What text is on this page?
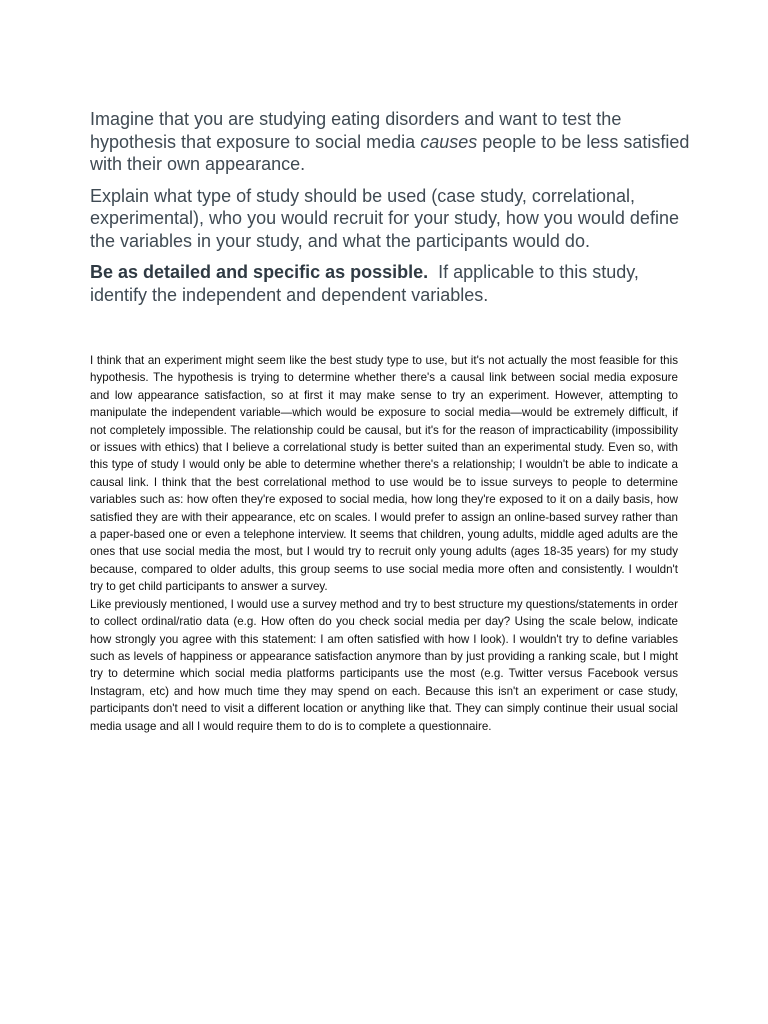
Imagine that you are studying eating disorders and want to test the hypothesis that exposure to social media causes people to be less satisfied with their own appearance.

Explain what type of study should be used (case study, correlational, experimental), who you would recruit for your study, how you would define the variables in your study, and what the participants would do.

Be as detailed and specific as possible.  If applicable to this study, identify the independent and dependent variables.

I think that an experiment might seem like the best study type to use, but it's not actually the most feasible for this hypothesis. The hypothesis is trying to determine whether there's a causal link between social media exposure and low appearance satisfaction, so at first it may make sense to try an experiment. However, attempting to manipulate the independent variable—which would be exposure to social media—would be extremely difficult, if not completely impossible. The relationship could be causal, but it's for the reason of impracticability (impossibility or issues with ethics) that I believe a correlational study is better suited than an experimental study. Even so, with this type of study I would only be able to determine whether there's a relationship; I wouldn't be able to indicate a causal link. I think that the best correlational method to use would be to issue surveys to people to determine variables such as: how often they're exposed to social media, how long they're exposed to it on a daily basis, how satisfied they are with their appearance, etc on scales. I would prefer to assign an online-based survey rather than a paper-based one or even a telephone interview. It seems that children, young adults, middle aged adults are the ones that use social media the most, but I would try to recruit only young adults (ages 18-35 years) for my study because, compared to older adults, this group seems to use social media more often and consistently. I wouldn't try to get child participants to answer a survey.

Like previously mentioned, I would use a survey method and try to best structure my questions/statements in order to collect ordinal/ratio data (e.g. How often do you check social media per day? Using the scale below, indicate how strongly you agree with this statement: I am often satisfied with how I look). I wouldn't try to define variables such as levels of happiness or appearance satisfaction anymore than by just providing a ranking scale, but I might try to determine which social media platforms participants use the most (e.g. Twitter versus Facebook versus Instagram, etc) and how much time they may spend on each. Because this isn't an experiment or case study, participants don't need to visit a different location or anything like that. They can simply continue their usual social media usage and all I would require them to do is to complete a questionnaire.
